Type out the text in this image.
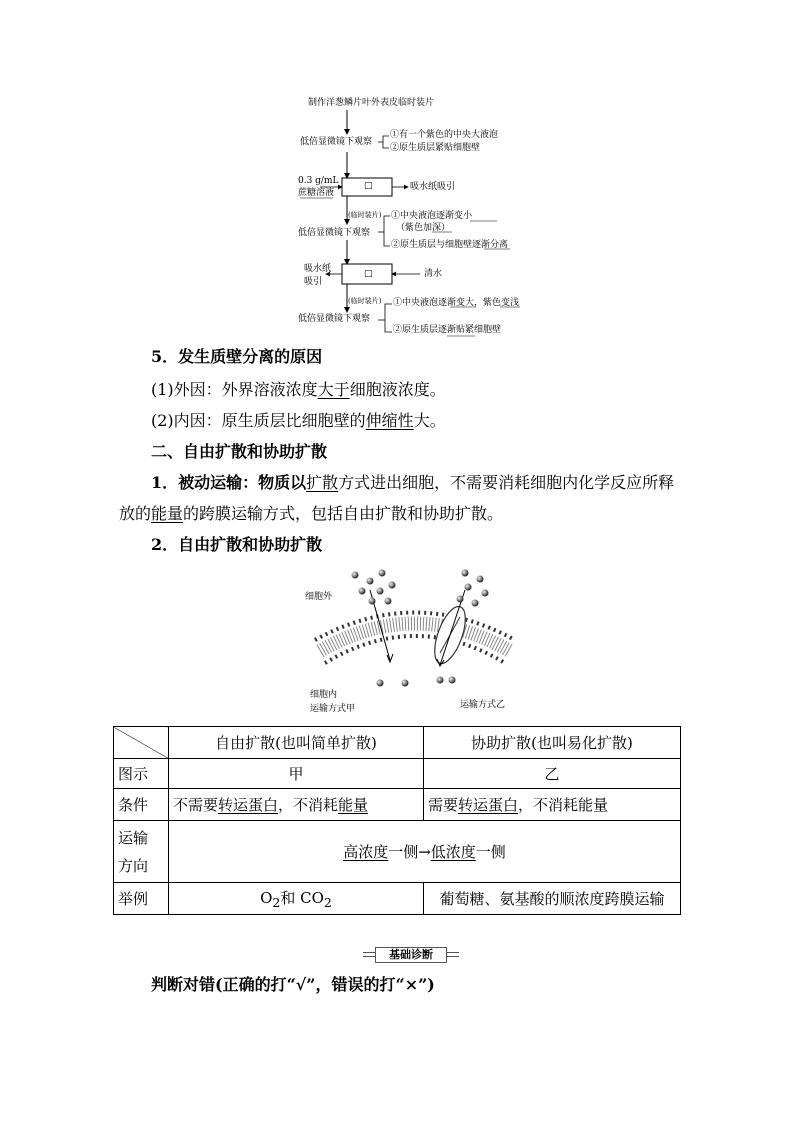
制作洋葱鳞片叶外表皮临时装片
低倍显微镜下观察
①有一个紫色的中央大液泡
②原生质层紧贴细胞壁
0.3 g/mL
蔗糖溶液
□	吸水纸吸引
(临时装片)
低倍显微镜下观察
①中央液泡逐渐变小
（紫色加深）
②原生质层与细胞壁逐渐分离
吸水纸
吸引
□	清水
(临时装片)
低倍显微镜下观察
①中央液泡逐渐变大，紫色变浅
②原生质层逐渐贴紧细胞壁
5．发生质壁分离的原因
(1)外因：外界溶液浓度大于细胞液浓度。
(2)内因：原生质层比细胞壁的伸缩性大。
二、自由扩散和协助扩散
1．被动运输：物质以扩散方式进出细胞，不需要消耗细胞内化学反应所释
放的能量的跨膜运输方式，包括自由扩散和协助扩散。
2．自由扩散和协助扩散
细胞外
细胞内
运输方式甲	运输方式乙
	自由扩散(也叫简单扩散)	协助扩散(也叫易化扩散)
图示	甲	乙
条件	不需要转运蛋白，不消耗能量	需要转运蛋白，不消耗能量

运输
方向	高浓度一侧→低浓度一侧	
举例	$O_2$和 $CO_2$	葡萄糖、氨基酸的顺浓度跨膜运输
基础诊断
判断对错(正确的打“√”，错误的打“×”)
